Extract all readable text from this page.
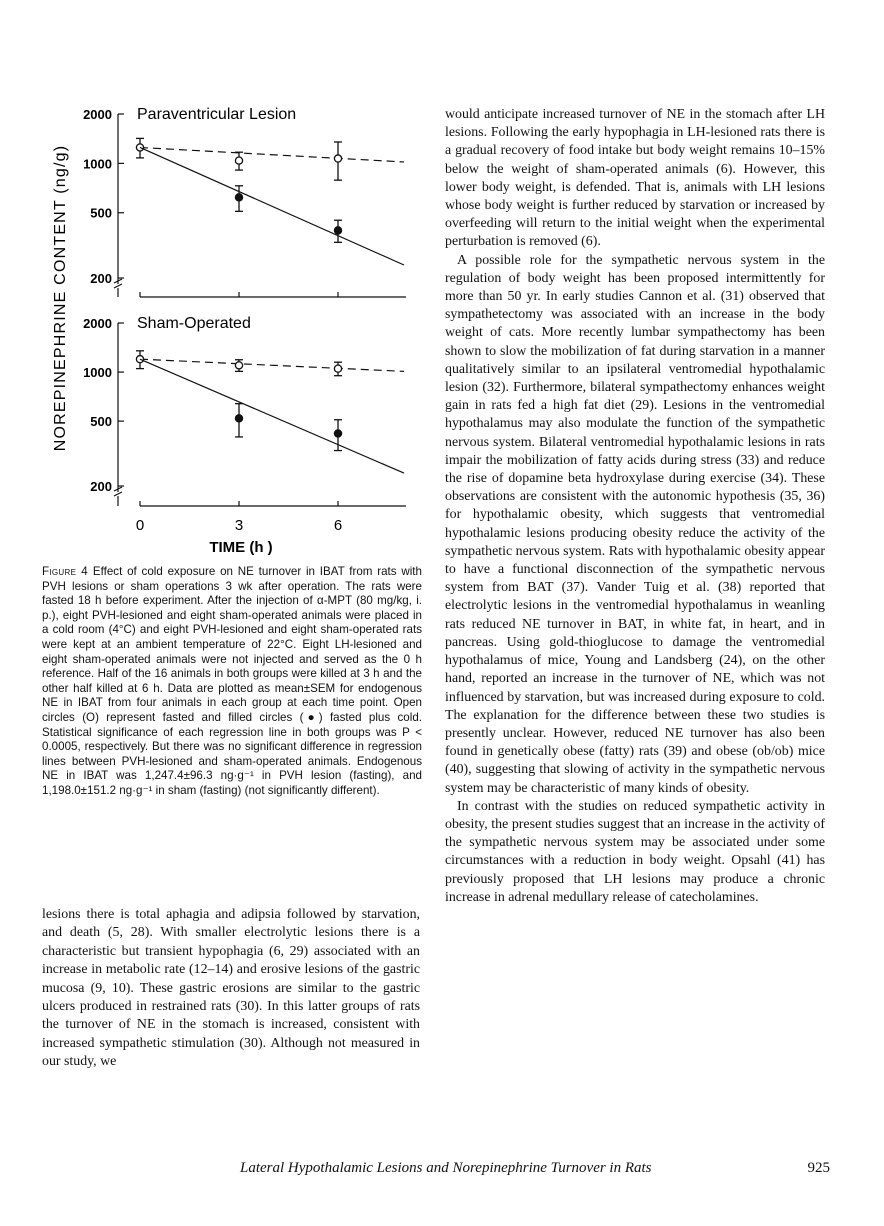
Paraventricular Lesion
200
500
1000
2000
Sham-Operated
200
500
1000
2000
0	3	6
NOREPINEPHRINE CONTENT (ng/g)
TIME (h )
Figure 4 Effect of cold exposure on NE turnover in IBAT from rats with PVH lesions or sham operations 3 wk after operation. The rats were fasted 18 h before experiment. After the injection of α-MPT (80 mg/kg, i. p.), eight PVH-lesioned and eight sham-operated animals were placed in a cold room (4°C) and eight PVH-lesioned and eight sham-operated rats were kept at an ambient temperature of 22°C. Eight LH-lesioned and eight sham-operated animals were not injected and served as the 0 h reference. Half of the 16 animals in both groups were killed at 3 h and the other half killed at 6 h. Data are plotted as mean±SEM for endogenous NE in IBAT from four animals in each group at each time point. Open circles (O) represent fasted and filled circles (●) fasted plus cold. Statistical significance of each regression line in both groups was P < 0.0005, respectively. But there was no significant difference in regression lines between PVH-lesioned and sham-operated animals. Endogenous NE in IBAT was 1,247.4±96.3 ng·g⁻¹ in PVH lesion (fasting), and 1,198.0±151.2 ng·g⁻¹ in sham (fasting) (not significantly different).

lesions there is total aphagia and adipsia followed by starvation, and death (5, 28). With smaller electrolytic lesions there is a characteristic but transient hypophagia (6, 29) associated with an increase in metabolic rate (12–14) and erosive lesions of the gastric mucosa (9, 10). These gastric erosions are similar to the gastric ulcers produced in restrained rats (30). In this latter groups of rats the turnover of NE in the stomach is increased, consistent with increased sympathetic stimulation (30). Although not measured in our study, we

would anticipate increased turnover of NE in the stomach after LH lesions. Following the early hypophagia in LH-lesioned rats there is a gradual recovery of food intake but body weight remains 10–15% below the weight of sham-operated animals (6). However, this lower body weight, is defended. That is, animals with LH lesions whose body weight is further reduced by starvation or increased by overfeeding will return to the initial weight when the experimental perturbation is removed (6).

A possible role for the sympathetic nervous system in the regulation of body weight has been proposed intermittently for more than 50 yr. In early studies Cannon et al. (31) observed that sympathetectomy was associated with an increase in the body weight of cats. More recently lumbar sympathectomy has been shown to slow the mobilization of fat during starvation in a manner qualitatively similar to an ipsilateral ventromedial hypothalamic lesion (32). Furthermore, bilateral sympathectomy enhances weight gain in rats fed a high fat diet (29). Lesions in the ventromedial hypothalamus may also modulate the function of the sympathetic nervous system. Bilateral ventromedial hypothalamic lesions in rats impair the mobilization of fatty acids during stress (33) and reduce the rise of dopamine beta hydroxylase during exercise (34). These observations are consistent with the autonomic hypothesis (35, 36) for hypothalamic obesity, which suggests that ventromedial hypothalamic lesions producing obesity reduce the activity of the sympathetic nervous system. Rats with hypothalamic obesity appear to have a functional disconnection of the sympathetic nervous system from BAT (37). Vander Tuig et al. (38) reported that electrolytic lesions in the ventromedial hypothalamus in weanling rats reduced NE turnover in BAT, in white fat, in heart, and in pancreas. Using gold-thioglucose to damage the ventromedial hypothalamus of mice, Young and Landsberg (24), on the other hand, reported an increase in the turnover of NE, which was not influenced by starvation, but was increased during exposure to cold. The explanation for the difference between these two studies is presently unclear. However, reduced NE turnover has also been found in genetically obese (fatty) rats (39) and obese (ob/ob) mice (40), suggesting that slowing of activity in the sympathetic nervous system may be characteristic of many kinds of obesity.

In contrast with the studies on reduced sympathetic activity in obesity, the present studies suggest that an increase in the activity of the sympathetic nervous system may be associated under some circumstances with a reduction in body weight. Opsahl (41) has previously proposed that LH lesions may produce a chronic increase in adrenal medullary release of catecholamines.

Lateral Hypothalamic Lesions and Norepinephrine Turnover in Rats	925
